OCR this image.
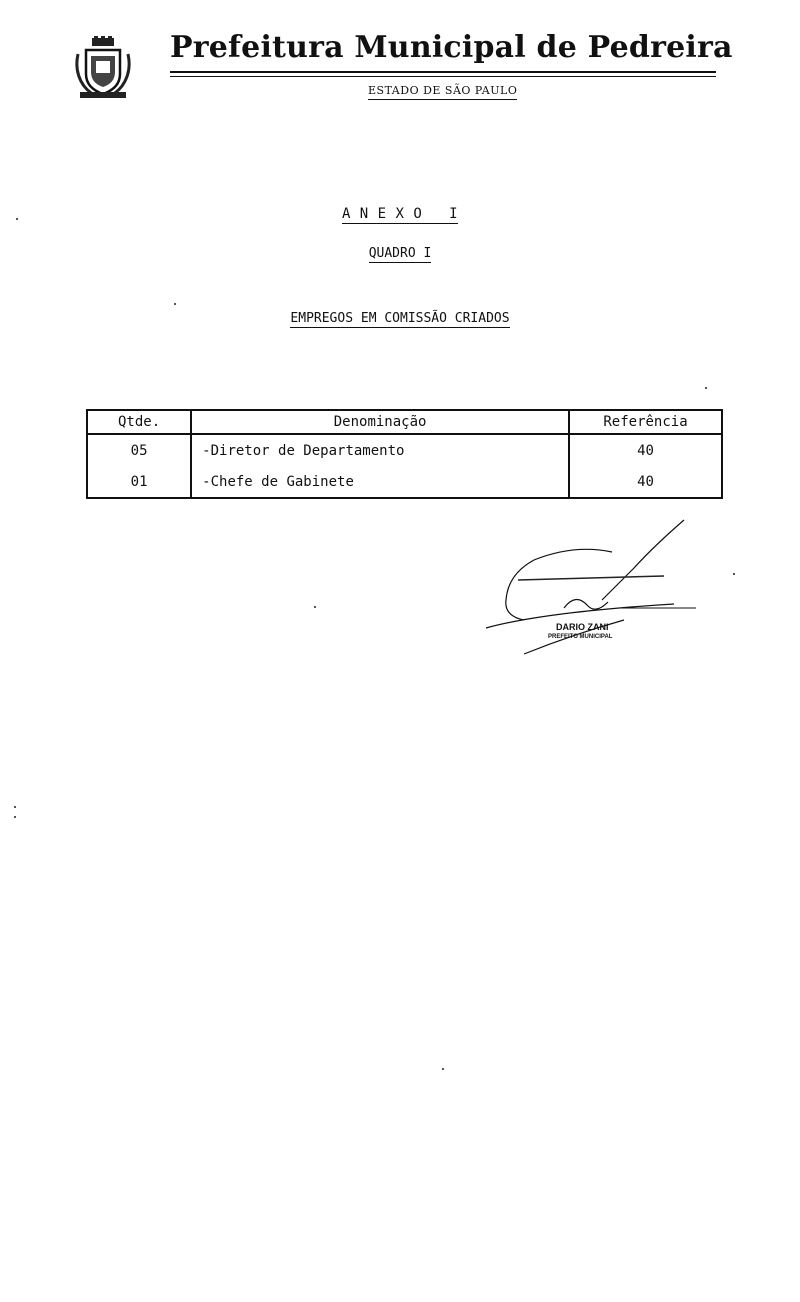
Prefeitura Municipal de Pedreira
ESTADO DE SÃO PAULO
A N E X O   I
QUADRO I
EMPREGOS EM COMISSÃO CRIADOS
Qtde.	Denominação	Referência
05	-Diretor de Departamento	40
01	-Chefe de Gabinete	40
DARIO ZANI
PREFEITO MUNICIPAL
